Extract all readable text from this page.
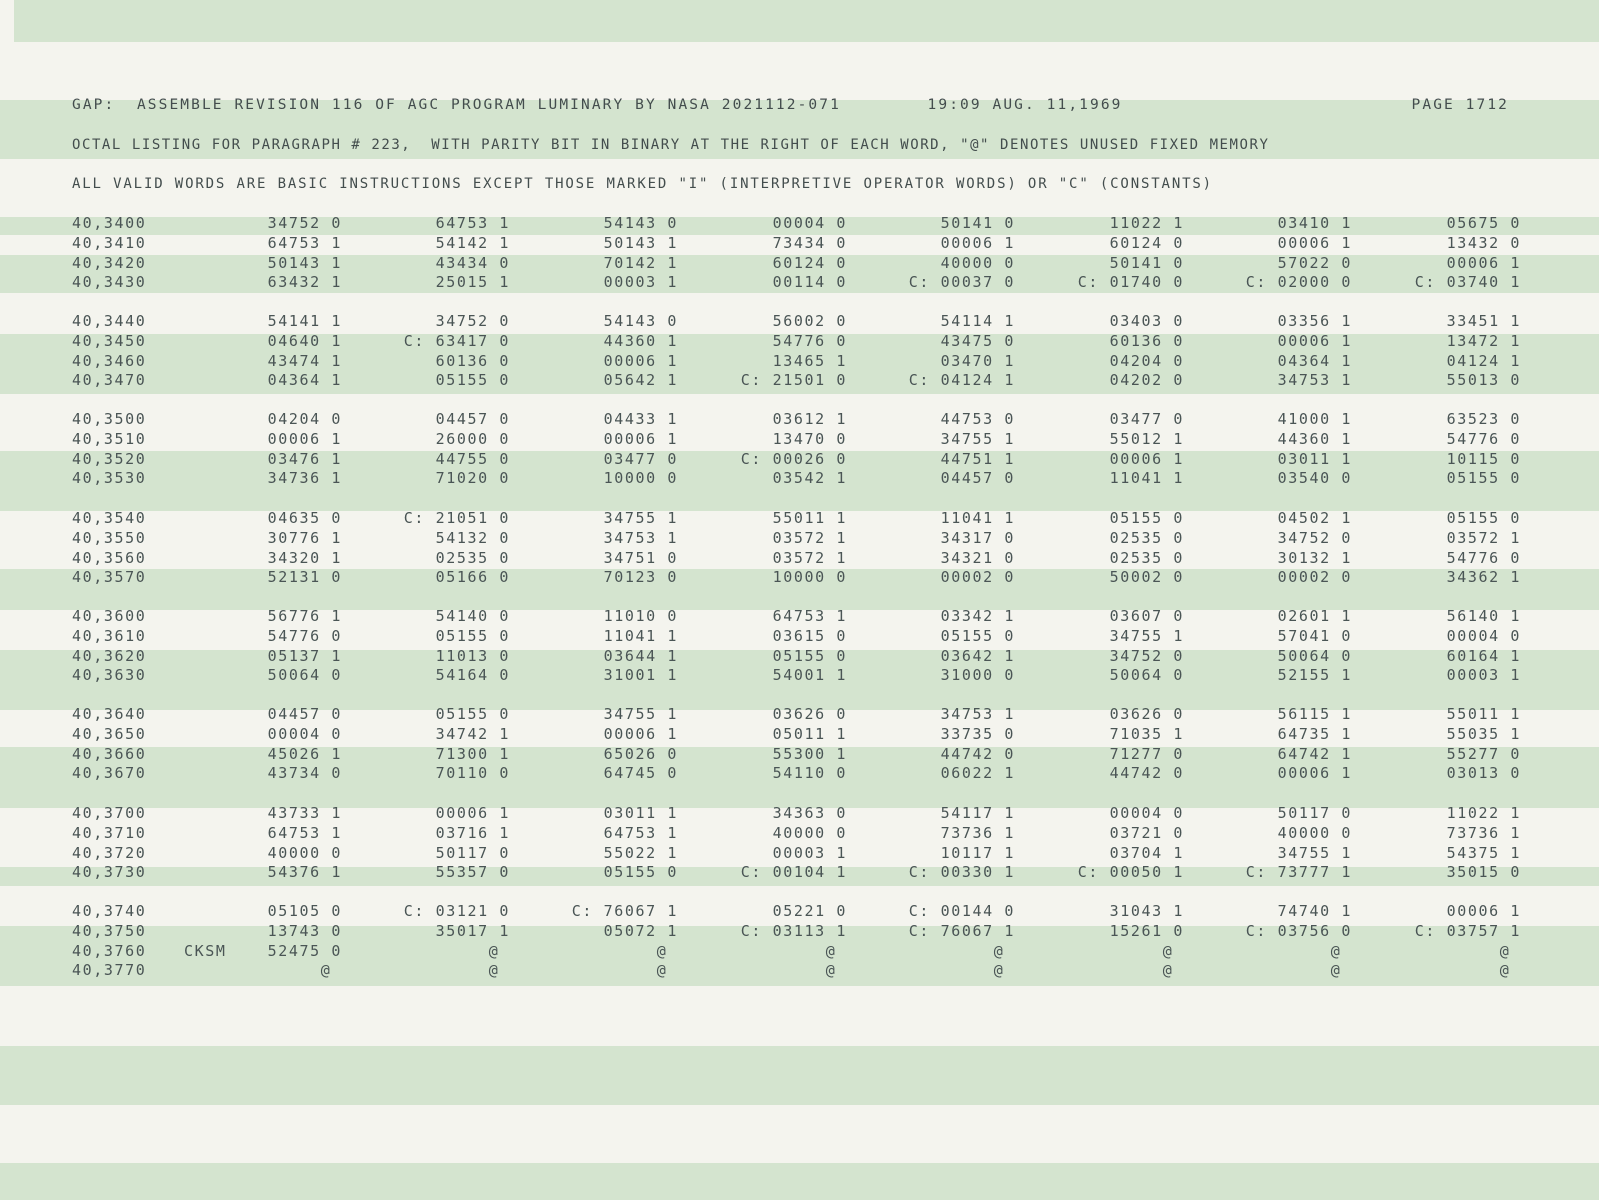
GAP:  ASSEMBLE REVISION 116 OF AGC PROGRAM LUMINARY BY NASA 2021112-071        19:09 AUG. 11,1969	PAGE 1712
OCTAL LISTING FOR PARAGRAPH # 223,  WITH PARITY BIT IN BINARY AT THE RIGHT OF EACH WORD, "@" DENOTES UNUSED FIXED MEMORY
ALL VALID WORDS ARE BASIC INSTRUCTIONS EXCEPT THOSE MARKED "I" (INTERPRETIVE OPERATOR WORDS) OR "C" (CONSTANTS)
40,3400	34752 0	64753 1	54143 0	00004 0	50141 0	11022 1	03410 1	05675 0
40,3410	64753 1	54142 1	50143 1	73434 0	00006 1	60124 0	00006 1	13432 0
40,3420	50143 1	43434 0	70142 1	60124 0	40000 0	50141 0	57022 0	00006 1
40,3430	63432 1	25015 1	00003 1	00114 0	C: 00037 0	C: 01740 0	C: 02000 0	C: 03740 1
40,3440	54141 1	34752 0	54143 0	56002 0	54114 1	03403 0	03356 1	33451 1
40,3450	04640 1	C: 63417 0	44360 1	54776 0	43475 0	60136 0	00006 1	13472 1
40,3460	43474 1	60136 0	00006 1	13465 1	03470 1	04204 0	04364 1	04124 1
40,3470	04364 1	05155 0	05642 1	C: 21501 0	C: 04124 1	04202 0	34753 1	55013 0
40,3500	04204 0	04457 0	04433 1	03612 1	44753 0	03477 0	41000 1	63523 0
40,3510	00006 1	26000 0	00006 1	13470 0	34755 1	55012 1	44360 1	54776 0
40,3520	03476 1	44755 0	03477 0	C: 00026 0	44751 1	00006 1	03011 1	10115 0
40,3530	34736 1	71020 0	10000 0	03542 1	04457 0	11041 1	03540 0	05155 0
40,3540	04635 0	C: 21051 0	34755 1	55011 1	11041 1	05155 0	04502 1	05155 0
40,3550	30776 1	54132 0	34753 1	03572 1	34317 0	02535 0	34752 0	03572 1
40,3560	34320 1	02535 0	34751 0	03572 1	34321 0	02535 0	30132 1	54776 0
40,3570	52131 0	05166 0	70123 0	10000 0	00002 0	50002 0	00002 0	34362 1
40,3600	56776 1	54140 0	11010 0	64753 1	03342 1	03607 0	02601 1	56140 1
40,3610	54776 0	05155 0	11041 1	03615 0	05155 0	34755 1	57041 0	00004 0
40,3620	05137 1	11013 0	03644 1	05155 0	03642 1	34752 0	50064 0	60164 1
40,3630	50064 0	54164 0	31001 1	54001 1	31000 0	50064 0	52155 1	00003 1
40,3640	04457 0	05155 0	34755 1	03626 0	34753 1	03626 0	56115 1	55011 1
40,3650	00004 0	34742 1	00006 1	05011 1	33735 0	71035 1	64735 1	55035 1
40,3660	45026 1	71300 1	65026 0	55300 1	44742 0	71277 0	64742 1	55277 0
40,3670	43734 0	70110 0	64745 0	54110 0	06022 1	44742 0	00006 1	03013 0
40,3700	43733 1	00006 1	03011 1	34363 0	54117 1	00004 0	50117 0	11022 1
40,3710	64753 1	03716 1	64753 1	40000 0	73736 1	03721 0	40000 0	73736 1
40,3720	40000 0	50117 0	55022 1	00003 1	10117 1	03704 1	34755 1	54375 1
40,3730	54376 1	55357 0	05155 0	C: 00104 1	C: 00330 1	C: 00050 1	C: 73777 1	35015 0
40,3740	05105 0	C: 03121 0	C: 76067 1	05221 0	C: 00144 0	31043 1	74740 1	00006 1
40,3750	13743 0	35017 1	05072 1	C: 03113 1	C: 76067 1	15261 0	C: 03756 0	C: 03757 1
40,3760	CKSM	52475 0	@	@	@	@	@	@	@
40,3770	@	@	@	@	@	@	@	@
